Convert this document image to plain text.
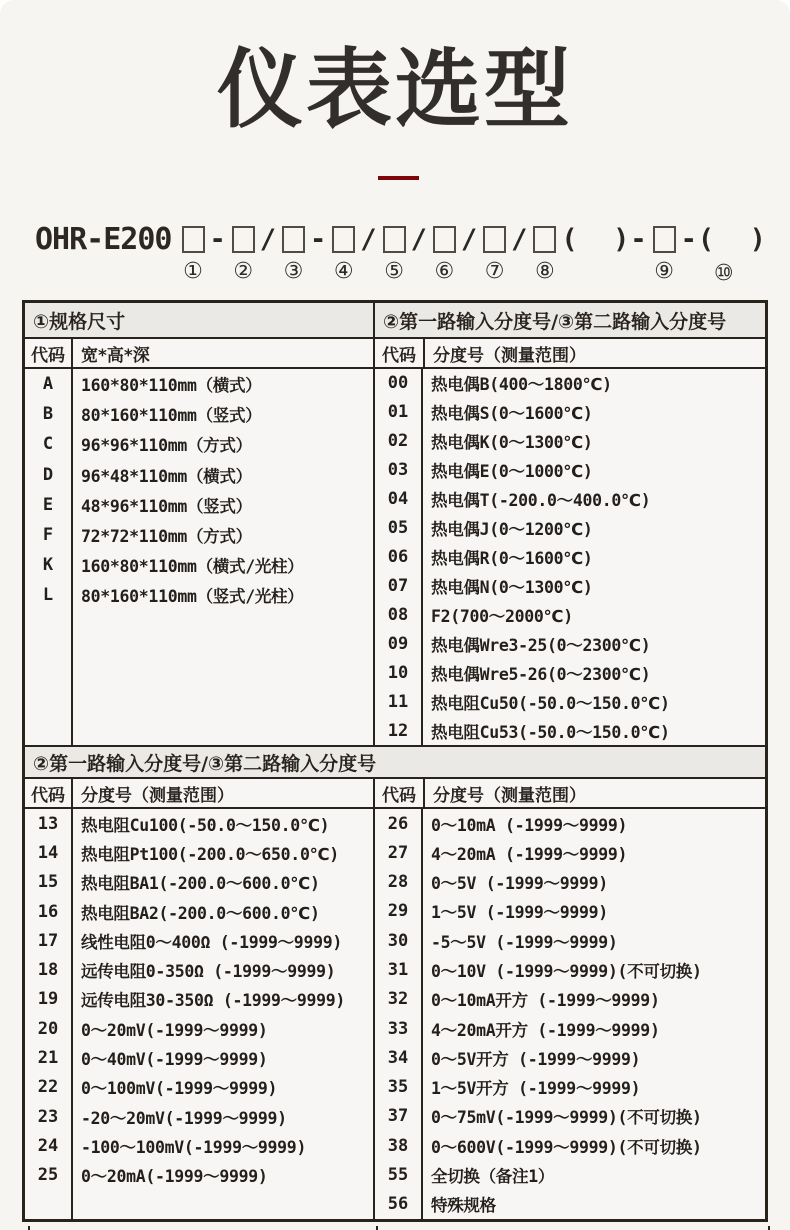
仪表选型
OHR-E200
①
-
②
/
③
-
④
/
⑤
/
⑥
/
⑦
/
⑧
(  )-
⑨
-(  )
⑩
①规格尺寸	②第一路输入分度号/③第二路输入分度号
代码 宽*高*深	代码	分度号（测量范围）
A	160*80*110mm（横式）
B	80*160*110mm（竖式）
C	96*96*110mm（方式）
D	96*48*110mm（横式）
E	48*96*110mm（竖式）
F	72*72*110mm（方式）
K	160*80*110mm（横式/光柱）
L	80*160*110mm（竖式/光柱）
00	热电偶B(400～1800℃)
01	热电偶S(0～1600℃)
02	热电偶K(0～1300℃)
03	热电偶E(0～1000℃)
04	热电偶T(-200.0～400.0℃)
05	热电偶J(0～1200℃)
06	热电偶R(0～1600℃)
07	热电偶N(0～1300℃)
08	F2(700～2000℃)
09	热电偶Wre3-25(0～2300℃)
10	热电偶Wre5-26(0～2300℃)
11	热电阻Cu50(-50.0～150.0℃)
12	热电阻Cu53(-50.0～150.0℃)
②第一路输入分度号/③第二路输入分度号
代码 分度号（测量范围）	代码	分度号（测量范围）
13	热电阻Cu100(-50.0～150.0℃)
14	热电阻Pt100(-200.0～650.0℃)
15	热电阻BA1(-200.0～600.0℃)
16	热电阻BA2(-200.0～600.0℃)
17	线性电阻0～400Ω (-1999～9999)
18	远传电阻0-350Ω (-1999～9999)
19	远传电阻30-350Ω (-1999～9999)
20	0～20mV(-1999～9999)
21	0～40mV(-1999～9999)
22	0～100mV(-1999～9999)
23	-20～20mV(-1999～9999)
24	-100～100mV(-1999～9999)
25	0～20mA(-1999～9999)
26	0～10mA (-1999～9999)
27	4～20mA (-1999～9999)
28	0～5V (-1999～9999)
29	1～5V (-1999～9999)
30	-5～5V (-1999～9999)
31	0～10V (-1999～9999)(不可切换)
32	0～10mA开方 (-1999～9999)
33	4～20mA开方 (-1999～9999)
34	0～5V开方 (-1999～9999)
35	1～5V开方 (-1999～9999)
37	0～75mV(-1999～9999)(不可切换)
38	0～600V(-1999～9999)(不可切换)
55	全切换（备注1）
56	特殊规格
